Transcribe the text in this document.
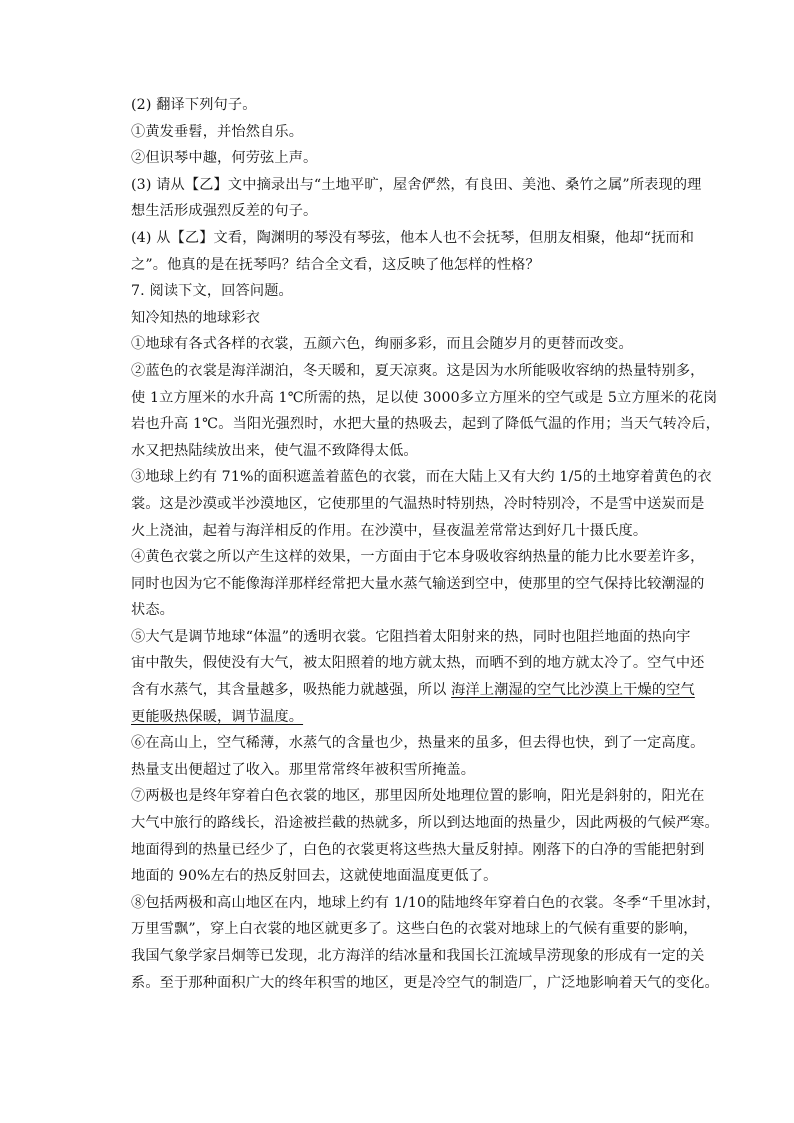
(2) 翻译下列句子。
①黄发垂髫，并怡然自乐。
②但识琴中趣，何劳弦上声。
(3) 请从【乙】文中摘录出与“土地平旷，屋舍俨然，有良田、美池、桑竹之属”所表现的理
想生活形成强烈反差的句子。
(4) 从【乙】文看，陶渊明的琴没有琴弦，他本人也不会抚琴，但朋友相聚，他却“抚而和
之”。他真的是在抚琴吗？结合全文看，这反映了他怎样的性格？
7. 阅读下文，回答问题。
知冷知热的地球彩衣
①地球有各式各样的衣裳，五颜六色，绚丽多彩，而且会随岁月的更替而改变。
②蓝色的衣裳是海洋湖泊，冬天暖和，夏天凉爽。这是因为水所能吸收容纳的热量特别多，
使 1立方厘米的水升高 1℃所需的热，足以使 3000多立方厘米的空气或是 5立方厘米的花岗
岩也升高 1℃。当阳光强烈时，水把大量的热吸去，起到了降低气温的作用；当天气转冷后，
水又把热陆续放出来，使气温不致降得太低。
③地球上约有 71%的面积遮盖着蓝色的衣裳，而在大陆上又有大约 1/5的土地穿着黄色的衣
裳。这是沙漠或半沙漠地区，它使那里的气温热时特别热，冷时特别冷，不是雪中送炭而是
火上浇油，起着与海洋相反的作用。在沙漠中，昼夜温差常常达到好几十摄氏度。
④黄色衣裳之所以产生这样的效果，一方面由于它本身吸收容纳热量的能力比水要差许多，
同时也因为它不能像海洋那样经常把大量水蒸气输送到空中，使那里的空气保持比较潮湿的
状态。
⑤大气是调节地球“体温”的透明衣裳。它阻挡着太阳射来的热，同时也阻拦地面的热向宇
宙中散失，假使没有大气，被太阳照着的地方就太热，而晒不到的地方就太冷了。空气中还
含有水蒸气，其含量越多，吸热能力就越强，所以 海洋上潮湿的空气比沙漠上干燥的空气
更能吸热保暖，调节温度。
⑥在高山上，空气稀薄，水蒸气的含量也少，热量来的虽多，但去得也快，到了一定高度。
热量支出便超过了收入。那里常常终年被积雪所掩盖。
⑦两极也是终年穿着白色衣裳的地区，那里因所处地理位置的影响，阳光是斜射的，阳光在
大气中旅行的路线长，沿途被拦截的热就多，所以到达地面的热量少，因此两极的气候严寒。
地面得到的热量已经少了，白色的衣裳更将这些热大量反射掉。刚落下的白净的雪能把射到
地面的 90%左右的热反射回去，这就使地面温度更低了。
⑧包括两极和高山地区在内，地球上约有 1/10的陆地终年穿着白色的衣裳。冬季“千里冰封，
万里雪飘”，穿上白衣裳的地区就更多了。这些白色的衣裳对地球上的气候有重要的影响，
我国气象学家吕炯等已发现，北方海洋的结冰量和我国长江流域旱涝现象的形成有一定的关
系。至于那种面积广大的终年积雪的地区，更是冷空气的制造厂，广泛地影响着天气的变化。
